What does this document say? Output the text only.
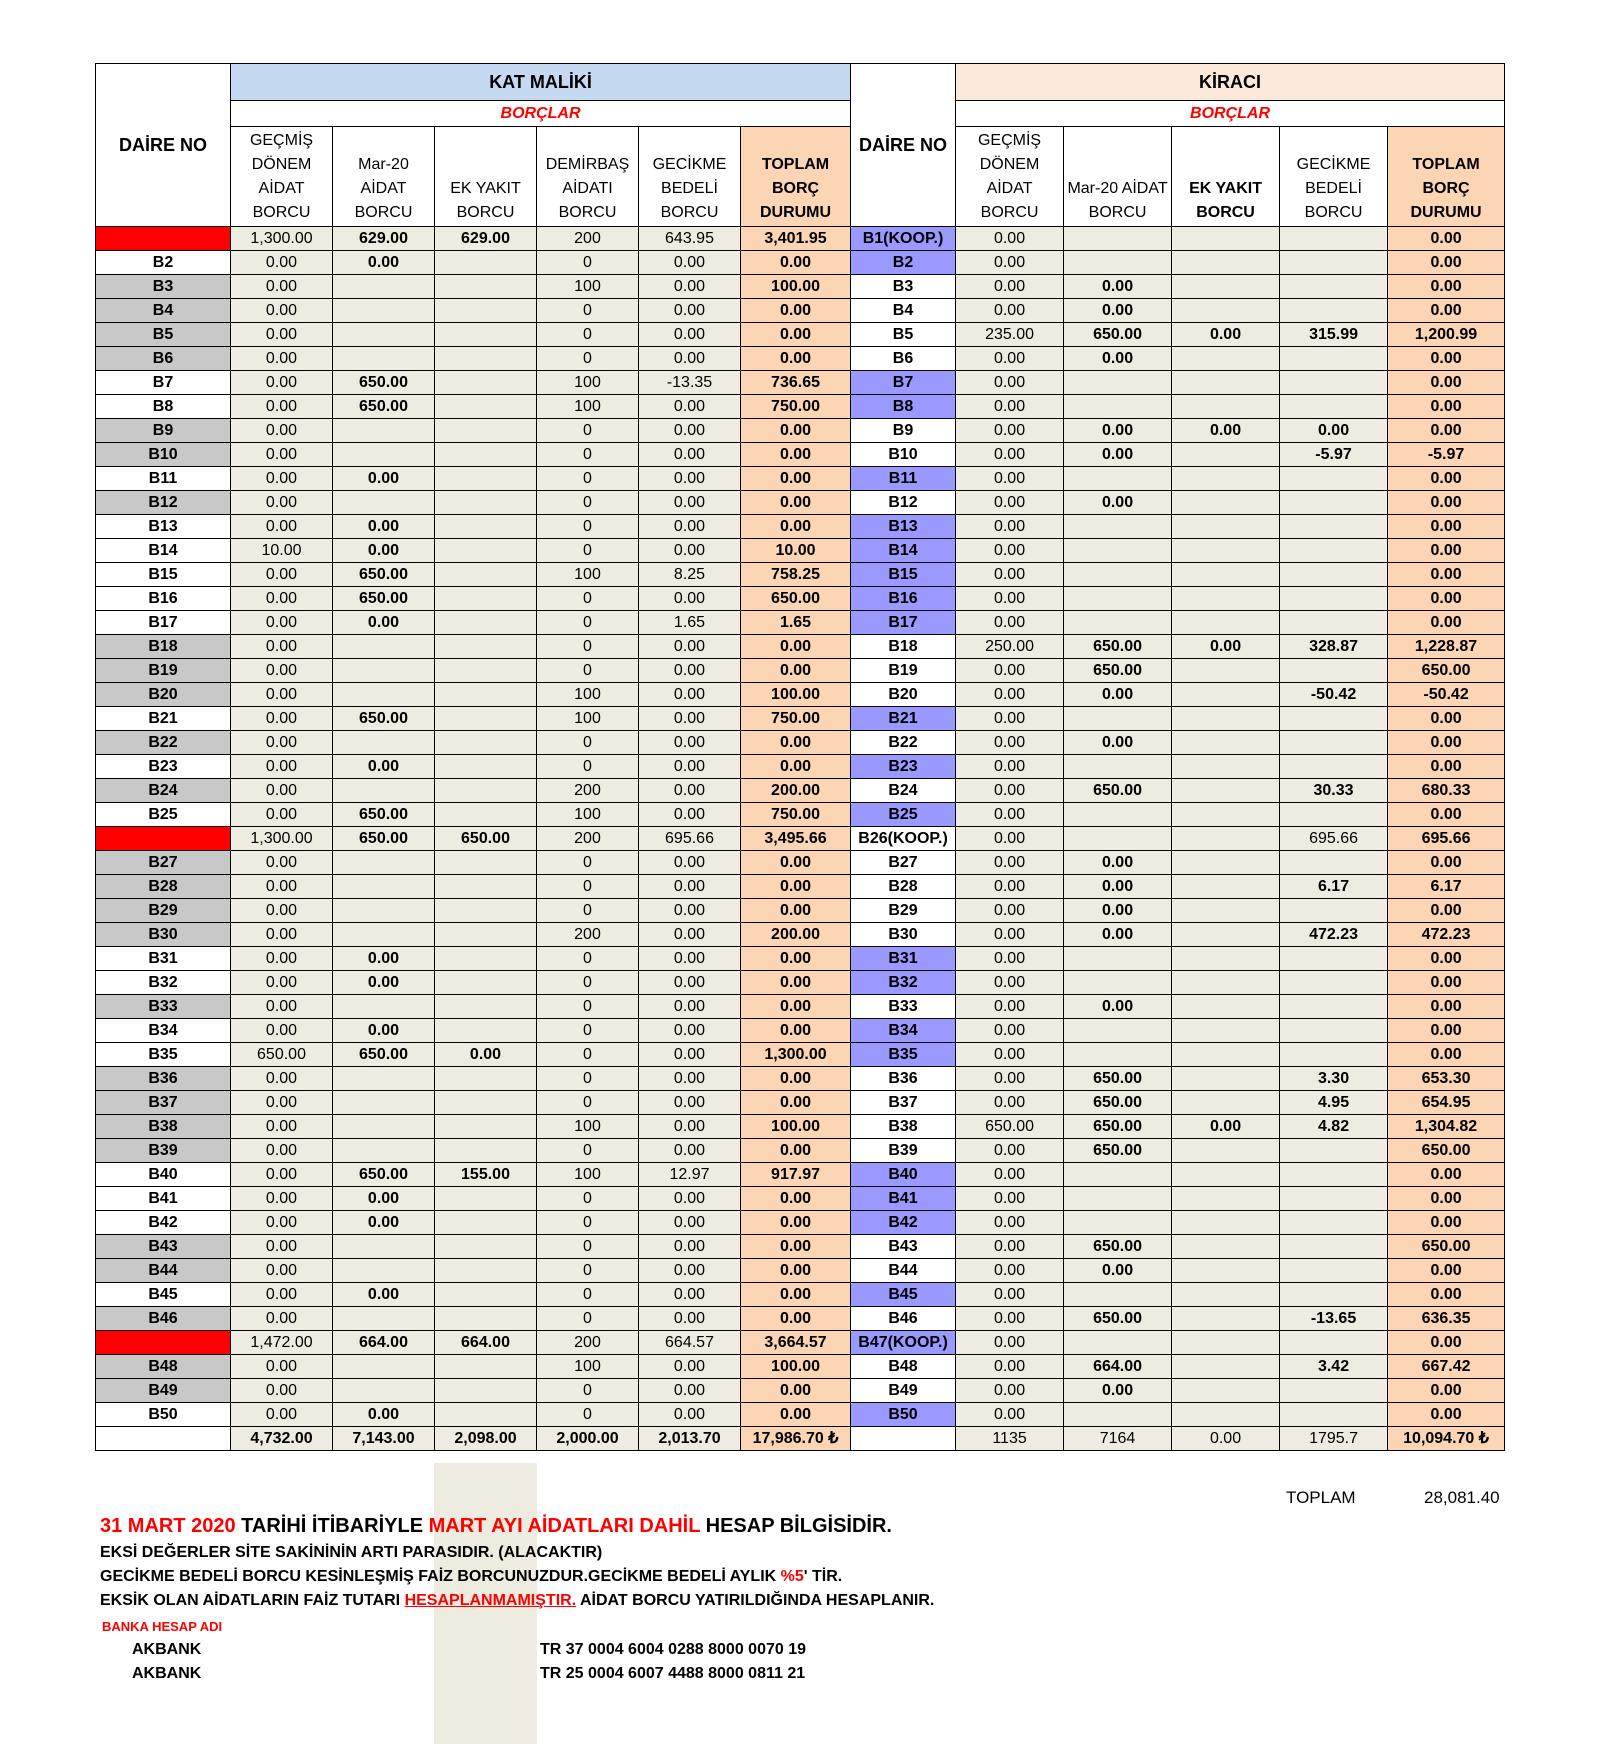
DAİRE NO	KAT MALİKİ						DAİRE NO	KİRACI				
	BORÇLAR							BORÇLAR				
	GEÇMİŞ DÖNEM AİDAT BORCU	Mar-20 AİDAT BORCU	EK YAKIT BORCU	DEMİRBAŞ AİDATI BORCU	GECİKME BEDELİ BORCU	TOPLAM BORÇ DURUMU		GEÇMİŞ DÖNEM AİDAT BORCU	Mar-20 AİDAT BORCU	EK YAKIT BORCU	GECİKME BEDELİ BORCU	TOPLAM BORÇ DURUMU
B1(KOOP.)	1,300.00	629.00	629.00	200	643.95	3,401.95	B1(KOOP.)	0.00				0.00
B2	0.00	0.00		0	0.00	0.00	B2	0.00				0.00
B3	0.00			100	0.00	100.00	B3	0.00	0.00			0.00
B4	0.00			0	0.00	0.00	B4	0.00	0.00			0.00
B5	0.00			0	0.00	0.00	B5	235.00	650.00	0.00	315.99	1,200.99
B6	0.00			0	0.00	0.00	B6	0.00	0.00			0.00
B7	0.00	650.00		100	-13.35	736.65	B7	0.00				0.00
B8	0.00	650.00		100	0.00	750.00	B8	0.00				0.00
B9	0.00			0	0.00	0.00	B9	0.00	0.00	0.00	0.00	0.00
B10	0.00			0	0.00	0.00	B10	0.00	0.00		-5.97	-5.97
B11	0.00	0.00		0	0.00	0.00	B11	0.00				0.00
B12	0.00			0	0.00	0.00	B12	0.00	0.00			0.00
B13	0.00	0.00		0	0.00	0.00	B13	0.00				0.00
B14	10.00	0.00		0	0.00	10.00	B14	0.00				0.00
B15	0.00	650.00		100	8.25	758.25	B15	0.00				0.00
B16	0.00	650.00		0	0.00	650.00	B16	0.00				0.00
B17	0.00	0.00		0	1.65	1.65	B17	0.00				0.00
B18	0.00			0	0.00	0.00	B18	250.00	650.00	0.00	328.87	1,228.87
B19	0.00			0	0.00	0.00	B19	0.00	650.00			650.00
B20	0.00			100	0.00	100.00	B20	0.00	0.00		-50.42	-50.42
B21	0.00	650.00		100	0.00	750.00	B21	0.00				0.00
B22	0.00			0	0.00	0.00	B22	0.00	0.00			0.00
B23	0.00	0.00		0	0.00	0.00	B23	0.00				0.00
B24	0.00			200	0.00	200.00	B24	0.00	650.00		30.33	680.33
B25	0.00	650.00		100	0.00	750.00	B25	0.00				0.00
B26(KOOP.)	1,300.00	650.00	650.00	200	695.66	3,495.66	B26(KOOP.)	0.00			695.66	695.66
B27	0.00			0	0.00	0.00	B27	0.00	0.00			0.00
B28	0.00			0	0.00	0.00	B28	0.00	0.00		6.17	6.17
B29	0.00			0	0.00	0.00	B29	0.00	0.00			0.00
B30	0.00			200	0.00	200.00	B30	0.00	0.00		472.23	472.23
B31	0.00	0.00		0	0.00	0.00	B31	0.00				0.00
B32	0.00	0.00		0	0.00	0.00	B32	0.00				0.00
B33	0.00			0	0.00	0.00	B33	0.00	0.00			0.00
B34	0.00	0.00		0	0.00	0.00	B34	0.00				0.00
B35	650.00	650.00	0.00	0	0.00	1,300.00	B35	0.00				0.00
B36	0.00			0	0.00	0.00	B36	0.00	650.00		3.30	653.30
B37	0.00			0	0.00	0.00	B37	0.00	650.00		4.95	654.95
B38	0.00			100	0.00	100.00	B38	650.00	650.00	0.00	4.82	1,304.82
B39	0.00			0	0.00	0.00	B39	0.00	650.00			650.00
B40	0.00	650.00	155.00	100	12.97	917.97	B40	0.00				0.00
B41	0.00	0.00		0	0.00	0.00	B41	0.00				0.00
B42	0.00	0.00		0	0.00	0.00	B42	0.00				0.00
B43	0.00			0	0.00	0.00	B43	0.00	650.00			650.00
B44	0.00			0	0.00	0.00	B44	0.00	0.00			0.00
B45	0.00	0.00		0	0.00	0.00	B45	0.00				0.00
B46	0.00			0	0.00	0.00	B46	0.00	650.00		-13.65	636.35
B47(KOOP.)	1,472.00	664.00	664.00	200	664.57	3,664.57	B47(KOOP.)	0.00				0.00
B48	0.00			100	0.00	100.00	B48	0.00	664.00		3.42	667.42
B49	0.00			0	0.00	0.00	B49	0.00	0.00			0.00
B50	0.00	0.00		0	0.00	0.00	B50	0.00				0.00
	4,732.00	7,143.00	2,098.00	2,000.00	2,013.70	17,986.70 ₺		1135	7164	0.00	1795.7	10,094.70 ₺
TOPLAM	28,081.40
31 MART 2020 TARİHİ İTİBARİYLE MART AYI AİDATLARI DAHİL HESAP BİLGİSİDİR.
EKSİ DEĞERLER SİTE SAKİNİNİN ARTI PARASIDIR. (ALACAKTIR)
GECİKME BEDELİ BORCU KESİNLEŞMİŞ FAİZ BORCUNUZDUR.GECİKME BEDELİ AYLIK %5' TİR.
EKSİK OLAN AİDATLARIN FAİZ TUTARI HESAPLANMAMIŞTIR. AİDAT BORCU YATIRILDIĞINDA HESAPLANIR.
BANKA HESAP ADI
AKBANK	TR 37 0004 6004 0288 8000 0070 19
AKBANK	TR 25 0004 6007 4488 8000 0811 21
